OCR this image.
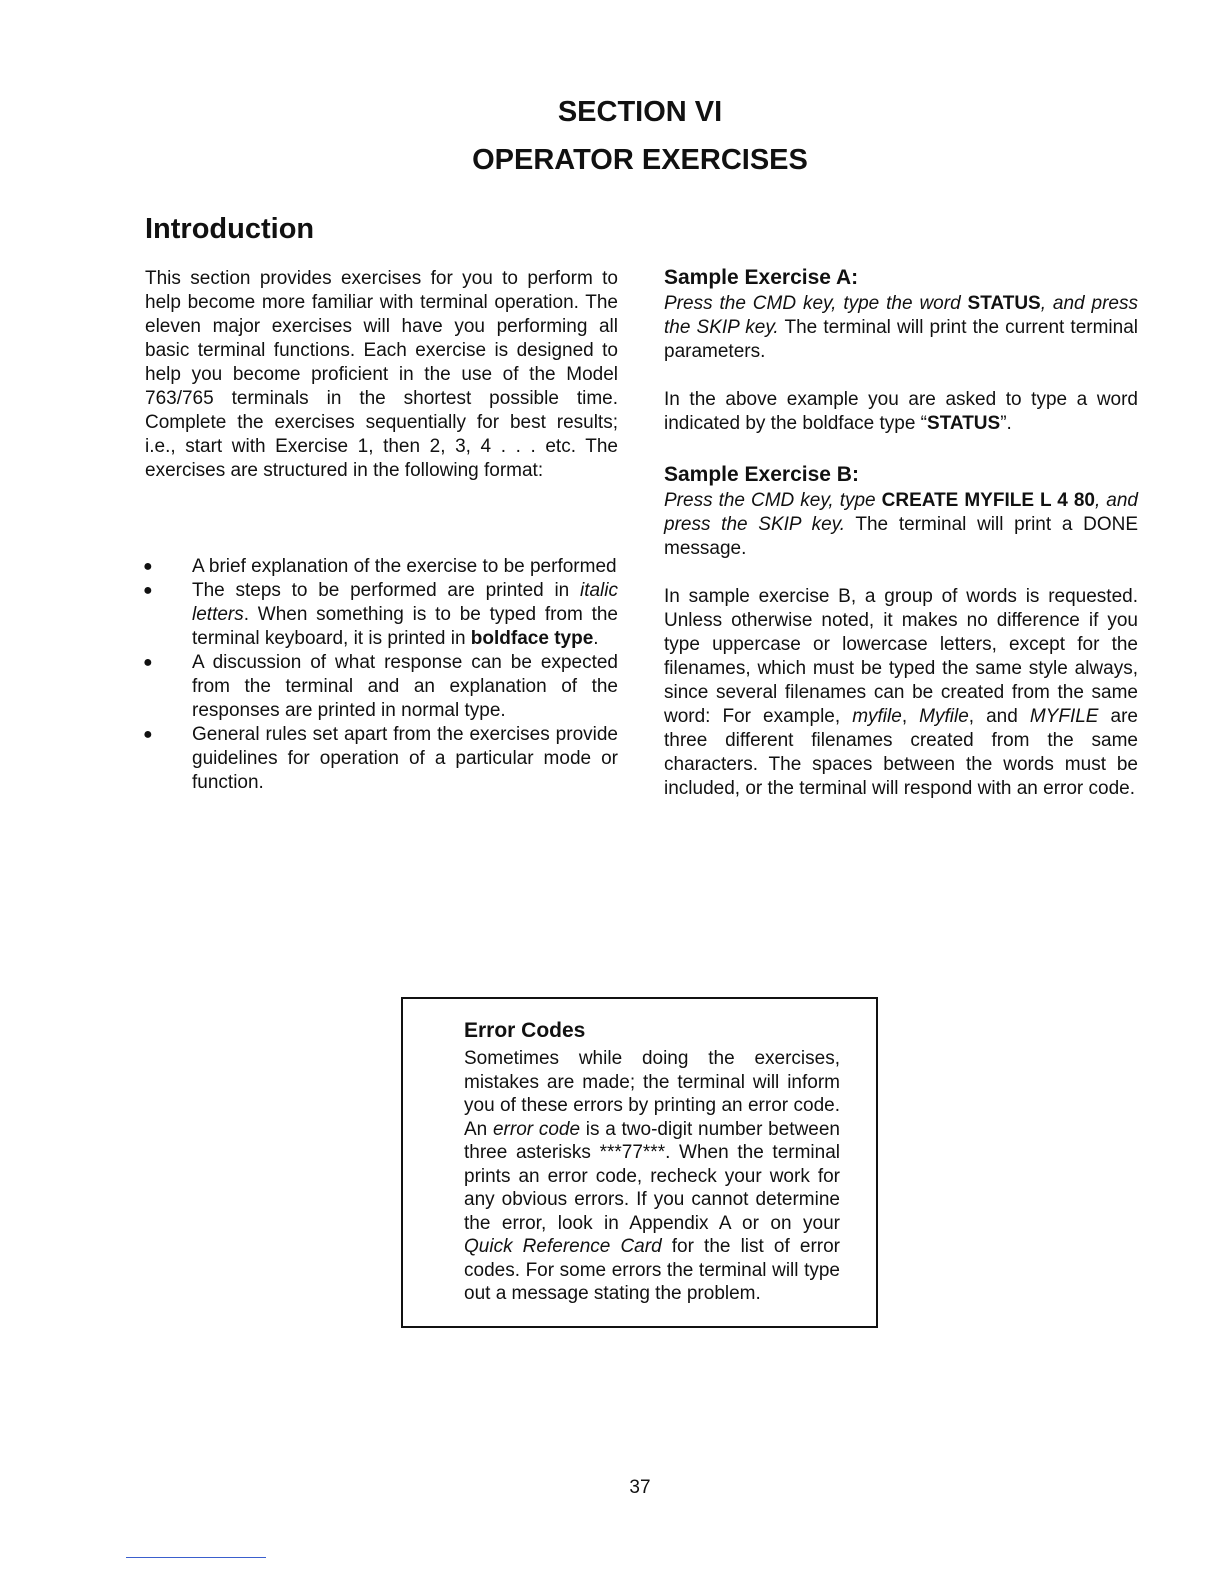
SECTION VI
OPERATOR EXERCISES
Introduction

This section provides exercises for you to perform to help become more familiar with terminal operation. The eleven major exercises will have you performing all basic terminal functions. Each exercise is designed to help you become proficient in the use of the Model 763/765 terminals in the shortest possible time. Complete the exercises sequentially for best results; i.e., start with Exercise 1, then 2, 3, 4 . . . etc. The exercises are structured in the following format:

● A brief explanation of the exercise to be performed
● The steps to be performed are printed in italic letters. When something is to be typed from the terminal keyboard, it is printed in boldface type.
● A discussion of what response can be expected from the terminal and an explanation of the responses are printed in normal type.
● General rules set apart from the exercises provide guidelines for operation of a particular mode or function.
Sample Exercise A:

Press the CMD key, type the word STATUS, and press the SKIP key. The terminal will print the current terminal parameters.

In the above example you are asked to type a word indicated by the boldface type “STATUS”.

Sample Exercise B:

Press the CMD key, type CREATE MYFILE L 4 80, and press the SKIP key. The terminal will print a DONE message.

In sample exercise B, a group of words is requested. Unless otherwise noted, it makes no difference if you type uppercase or lowercase letters, except for the filenames, which must be typed the same style always, since several filenames can be created from the same word: For example, myfile, Myfile, and MYFILE are three different filenames created from the same characters. The spaces between the words must be included, or the terminal will respond with an error code.

Error Codes

Sometimes while doing the exercises, mistakes are made; the terminal will inform you of these errors by printing an error code. An error code is a two-digit number between three asterisks ***77***. When the terminal prints an error code, recheck your work for any obvious errors. If you cannot determine the error, look in Appendix A or on your Quick Reference Card for the list of error codes. For some errors the terminal will type out a message stating the problem.

37
